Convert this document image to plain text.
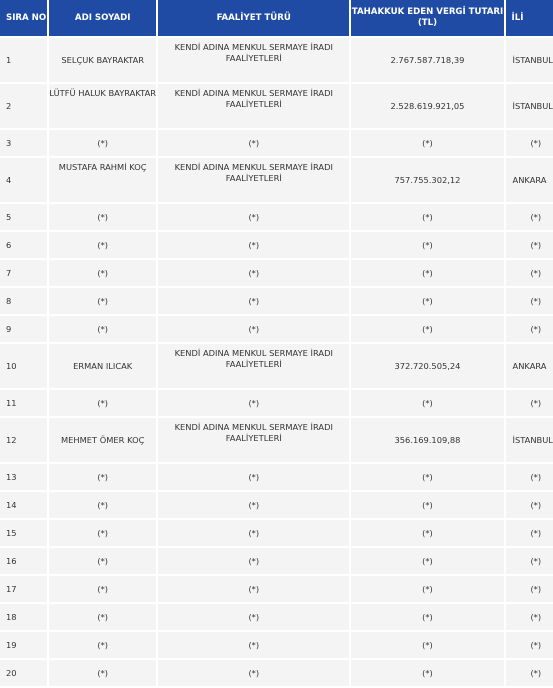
SIRA NO	ADI SOYADI	FAALİYET TÜRÜ	TAHAKKUK EDEN VERGİ TUTARI (TL)	İLİ
1	SELÇUK BAYRAKTAR	KENDİ ADINA MENKUL SERMAYE İRADI FAALİYETLERİ	2.767.587.718,39	İSTANBUL
2	LÜTFÜ HALUK BAYRAKTAR	KENDİ ADINA MENKUL SERMAYE İRADI FAALİYETLERİ	2.528.619.921,05	İSTANBUL
3	(*)	(*)	(*)	(*)
4	MUSTAFA RAHMİ KOÇ	KENDİ ADINA MENKUL SERMAYE İRADI FAALİYETLERİ	757.755.302,12	ANKARA
5	(*)	(*)	(*)	(*)
6	(*)	(*)	(*)	(*)
7	(*)	(*)	(*)	(*)
8	(*)	(*)	(*)	(*)
9	(*)	(*)	(*)	(*)
10	ERMAN ILICAK	KENDİ ADINA MENKUL SERMAYE İRADI FAALİYETLERİ	372.720.505,24	ANKARA
11	(*)	(*)	(*)	(*)
12	MEHMET ÖMER KOÇ	KENDİ ADINA MENKUL SERMAYE İRADI FAALİYETLERİ	356.169.109,88	İSTANBUL
13	(*)	(*)	(*)	(*)
14	(*)	(*)	(*)	(*)
15	(*)	(*)	(*)	(*)
16	(*)	(*)	(*)	(*)
17	(*)	(*)	(*)	(*)
18	(*)	(*)	(*)	(*)
19	(*)	(*)	(*)	(*)
20	(*)	(*)	(*)	(*)
